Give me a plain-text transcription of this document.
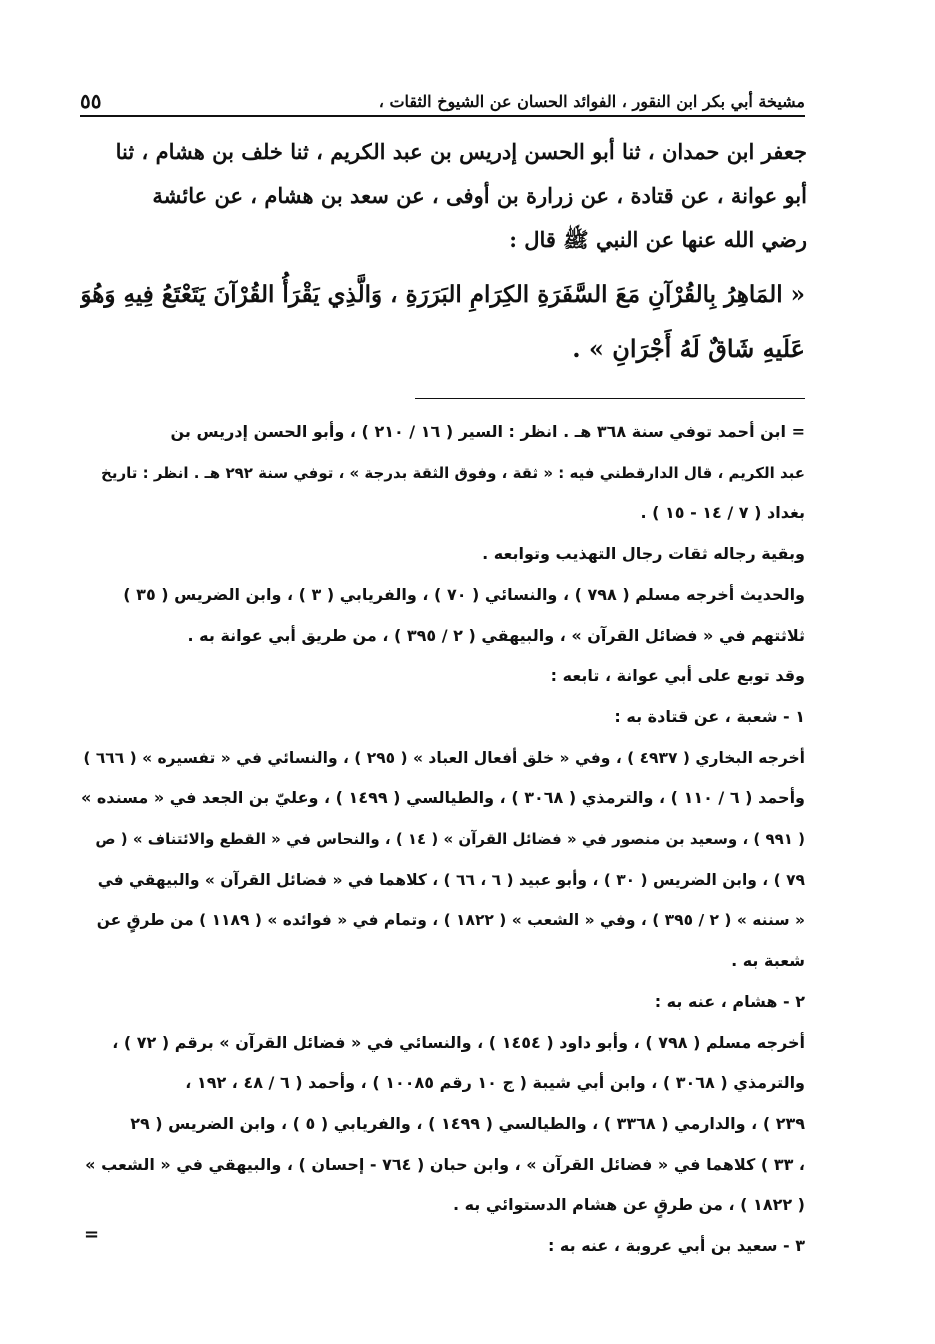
مشيخة أبي بكر ابن النقور ، الفوائد الحسان عن الشيوخ الثقات ،
٥٥
جعفر ابن حمدان ، ثنا أبو الحسن إدريس بن عبد الكريم ، ثنا خلف بن هشام ، ثنا
أبو عوانة ، عن قتادة ، عن زرارة بن أوفى ، عن سعد بن هشام ، عن عائشة
رضي الله عنها عن النبي ﷺ قال :
« المَاهِرُ بِالقُرْآنِ مَعَ السَّفَرَةِ الكِرَامِ البَرَرَةِ ، وَالَّذِي يَقْرَأُ القُرْآنَ يَتَعْتَعُ فِيهِ وَهُوَ
عَلَيهِ شَاقٌ لَهُ أَجْرَانِ » .
= ابن أحمد توفي سنة ٣٦٨ هـ . انظر : السير ( ١٦ / ٢١٠ ) ، وأبو الحسن إدريس بن
عبد الكريم ، قال الدارقطني فيه : « ثقة ، وفوق الثقة بدرجة » ، توفي سنة ٢٩٢ هـ . انظر : تاريخ
بغداد ( ٧ / ١٤ - ١٥ ) .
وبقية رجاله ثقات رجال التهذيب وتوابعه .
والحديث أخرجه مسلم ( ٧٩٨ ) ، والنسائي ( ٧٠ ) ، والفريابي ( ٣ ) ، وابن الضريس ( ٣٥ )
ثلاثتهم في « فضائل القرآن » ، والبيهقي ( ٢ / ٣٩٥ ) ، من طريق أبي عوانة به .
وقد توبع على أبي عوانة ، تابعه :
١ - شعبة ، عن قتادة به :
أخرجه البخاري ( ٤٩٣٧ ) ، وفي « خلق أفعال العباد » ( ٢٩٥ ) ، والنسائي في « تفسيره » ( ٦٦٦ )
وأحمد ( ٦ / ١١٠ ) ، والترمذي ( ٣٠٦٨ ) ، والطيالسي ( ١٤٩٩ ) ، وعليّ بن الجعد في « مسنده »
( ٩٩١ ) ، وسعيد بن منصور في « فضائل القرآن » ( ١٤ ) ، والنحاس في « القطع والائتناف » ( ص
٧٩ ) ، وابن الضريس ( ٣٠ ) ، وأبو عبيد ( ٦ ، ٦٦ ) ، كلاهما في « فضائل القرآن » والبيهقي في
« سننه » ( ٢ / ٣٩٥ ) ، وفي « الشعب » ( ١٨٢٢ ) ، وتمام في « فوائده » ( ١١٨٩ ) من طرقٍ عن
شعبة به .
٢ - هشام ، عنه به :
أخرجه مسلم ( ٧٩٨ ) ، وأبو داود ( ١٤٥٤ ) ، والنسائي في « فضائل القرآن » برقم ( ٧٢ ) ،
والترمذي ( ٣٠٦٨ ) ، وابن أبي شيبة ( ج ١٠ رقم ١٠٠٨٥ ) ، وأحمد ( ٦ / ٤٨ ، ١٩٢ ،
٢٣٩ ) ، والدارمي ( ٣٣٦٨ ) ، والطيالسي ( ١٤٩٩ ) ، والفريابي ( ٥ ) ، وابن الضريس ( ٢٩
، ٣٣ ) كلاهما في « فضائل القرآن » ، وابن حبان ( ٧٦٤ - إحسان ) ، والبيهقي في « الشعب »
( ١٨٢٢ ) ، من طرقٍ عن هشام الدستوائي به .
٣ - سعيد بن أبي عروبة ، عنه به :
=
